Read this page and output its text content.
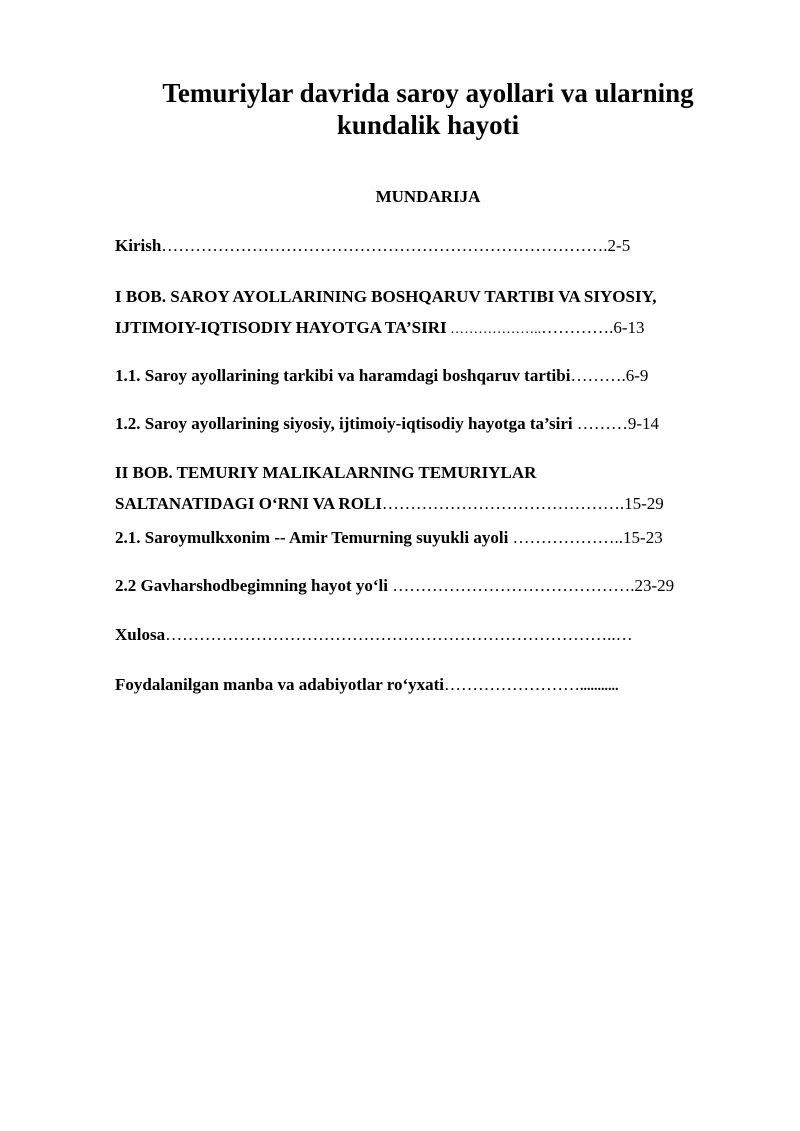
Temuriylar davrida saroy ayollari va ularning
kundalik hayoti
MUNDARIJA
Kirish…………………………………………………………………….2-5
I BOB. SAROY AYOLLARINING BOSHQARUV TARTIBI VA SIYOSIY,
IJTIMOIY-IQTISODIY HAYOTGA TA’SIRI ………………..………….6-13
1.1. Saroy ayollarining tarkibi va haramdagi boshqaruv tartibi……….6-9
1.2. Saroy ayollarining siyosiy, ijtimoiy-iqtisodiy hayotga ta’siri ………9-14
II BOB. TEMURIY MALIKALARNING TEMURIYLAR
SALTANATIDAGI O‘RNI VA ROLI…………………………………….15-29
2.1. Saroymulkxonim -- Amir Temurning suyukli ayoli ………………..15-23
2.2 Gavharshodbegimning hayot yo‘li …………………………………….23-29
Xulosa……………………………………………………………………..…
Foydalanilgan manba va adabiyotlar ro‘yxati……………………...........
